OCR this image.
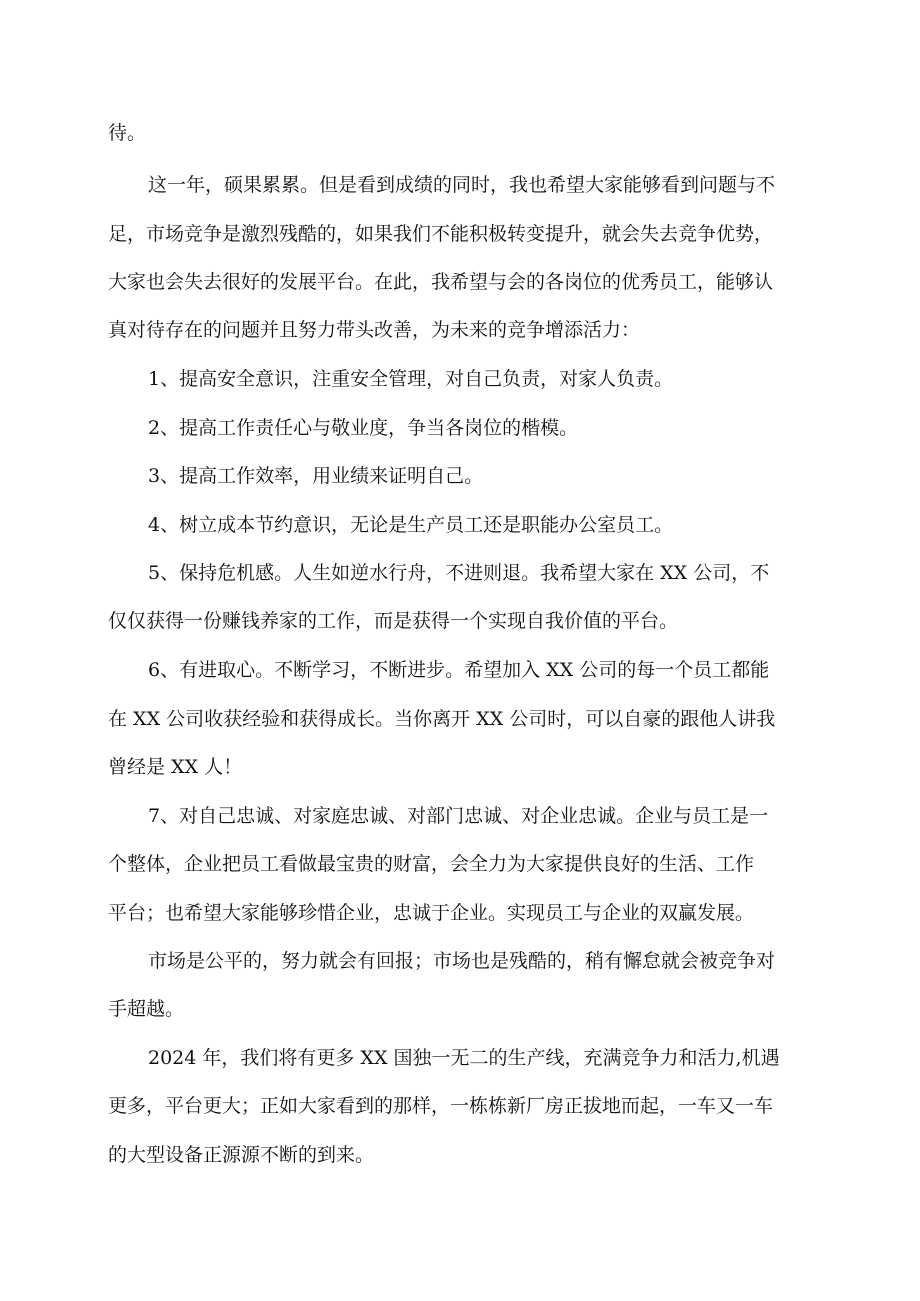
待。
这一年，硕果累累。但是看到成绩的同时，我也希望大家能够看到问题与不
足，市场竞争是激烈残酷的，如果我们不能积极转变提升，就会失去竞争优势，
大家也会失去很好的发展平台。在此，我希望与会的各岗位的优秀员工，能够认
真对待存在的问题并且努力带头改善，为未来的竞争增添活力：
1、提高安全意识，注重安全管理，对自己负责，对家人负责。
2、提高工作责任心与敬业度，争当各岗位的楷模。
3、提高工作效率，用业绩来证明自己。
4、树立成本节约意识，无论是生产员工还是职能办公室员工。
5、保持危机感。人生如逆水行舟，不进则退。我希望大家在 XX 公司，不
仅仅获得一份赚钱养家的工作，而是获得一个实现自我价值的平台。
6、有进取心。不断学习，不断进步。希望加入 XX 公司的每一个员工都能
在 XX 公司收获经验和获得成长。当你离开 XX 公司时，可以自豪的跟他人讲我
曾经是 XX 人！
7、对自己忠诚、对家庭忠诚、对部门忠诚、对企业忠诚。企业与员工是一
个整体，企业把员工看做最宝贵的财富，会全力为大家提供良好的生活、工作
平台；也希望大家能够珍惜企业，忠诚于企业。实现员工与企业的双赢发展。
市场是公平的，努力就会有回报；市场也是残酷的，稍有懈怠就会被竞争对
手超越。
2024 年，我们将有更多 XX 国独一无二的生产线，充满竞争力和活力,机遇
更多，平台更大；正如大家看到的那样，一栋栋新厂房正拔地而起，一车又一车
的大型设备正源源不断的到来。
